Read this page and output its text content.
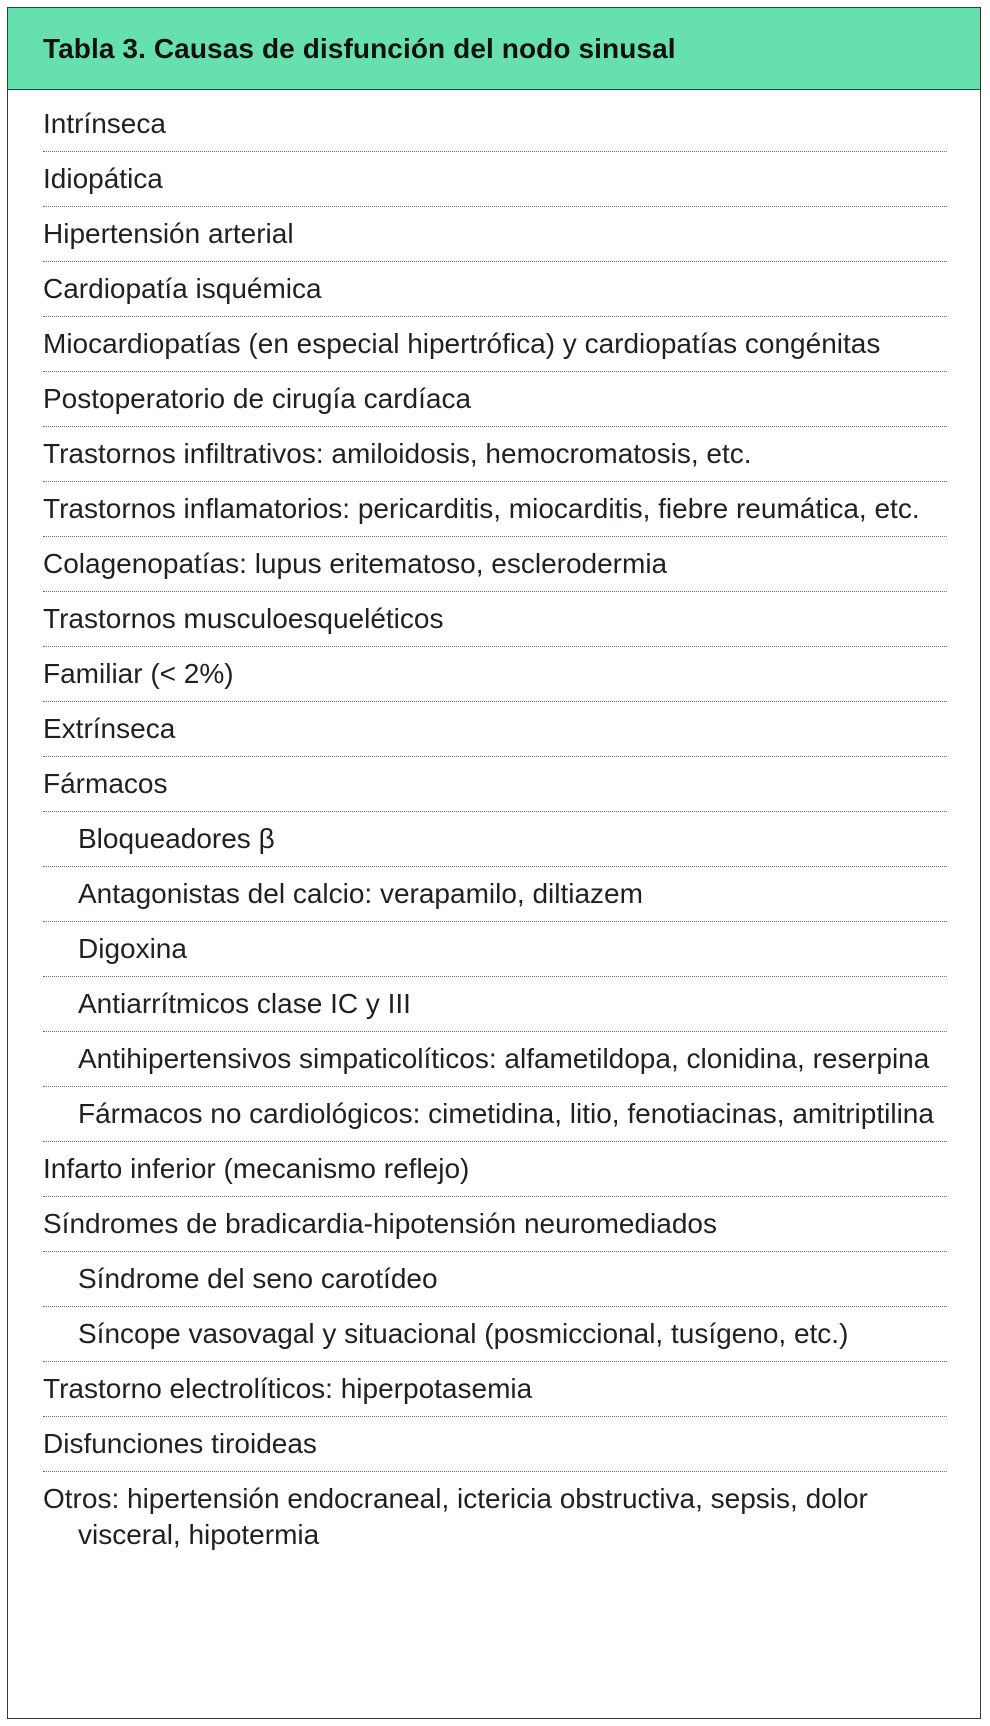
Tabla 3. Causas de disfunción del nodo sinusal
Intrínseca
Idiopática
Hipertensión arterial
Cardiopatía isquémica
Miocardiopatías (en especial hipertrófica) y cardiopatías congénitas
Postoperatorio de cirugía cardíaca
Trastornos infiltrativos: amiloidosis, hemocromatosis, etc.
Trastornos inflamatorios: pericarditis, miocarditis, fiebre reumática, etc.
Colagenopatías: lupus eritematoso, esclerodermia
Trastornos musculoesqueléticos
Familiar (< 2%)
Extrínseca
Fármacos
Bloqueadores β
Antagonistas del calcio: verapamilo, diltiazem
Digoxina
Antiarrítmicos clase IC y III
Antihipertensivos simpaticolíticos: alfametildopa, clonidina, reserpina
Fármacos no cardiológicos: cimetidina, litio, fenotiacinas, amitriptilina
Infarto inferior (mecanismo reflejo)
Síndromes de bradicardia-hipotensión neuromediados
Síndrome del seno carotídeo
Síncope vasovagal y situacional (posmiccional, tusígeno, etc.)
Trastorno electrolíticos: hiperpotasemia
Disfunciones tiroideas
Otros: hipertensión endocraneal, ictericia obstructiva, sepsis, dolor visceral, hipotermia
